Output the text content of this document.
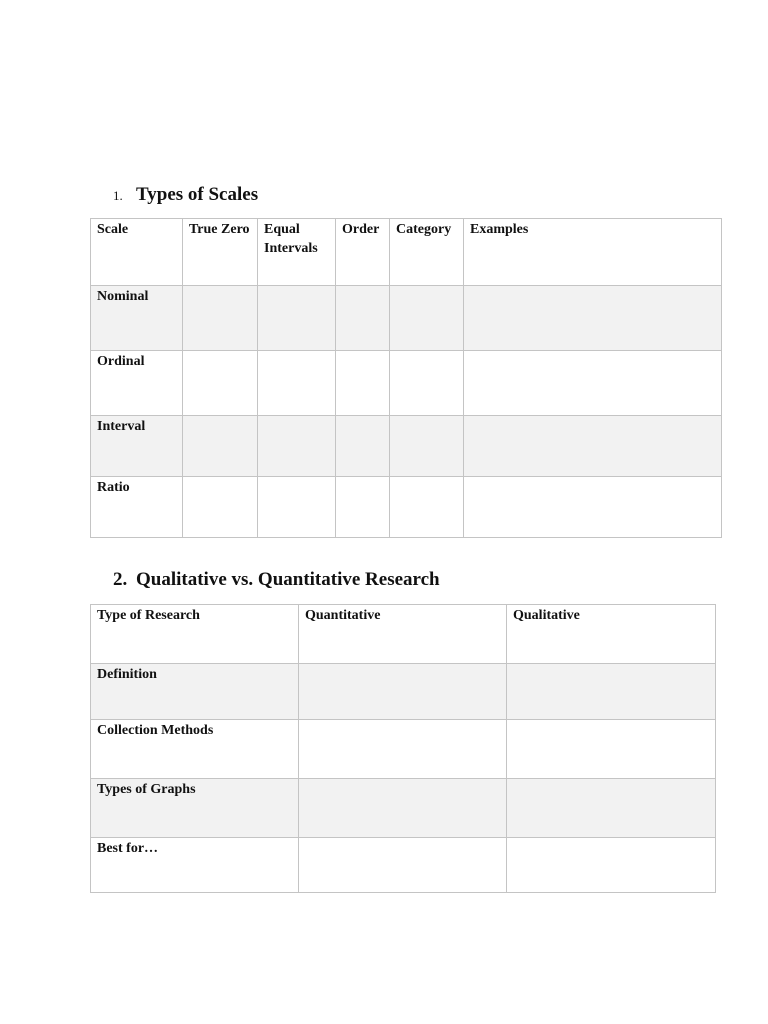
1. Types of Scales
Scale	True Zero	Equal Intervals	Order	Category	Examples
Nominal					
Ordinal					
Interval					
Ratio					
2. Qualitative vs. Quantitative Research
Type of Research	Quantitative	Qualitative
Definition		
Collection Methods		
Types of Graphs		
Best for…		
